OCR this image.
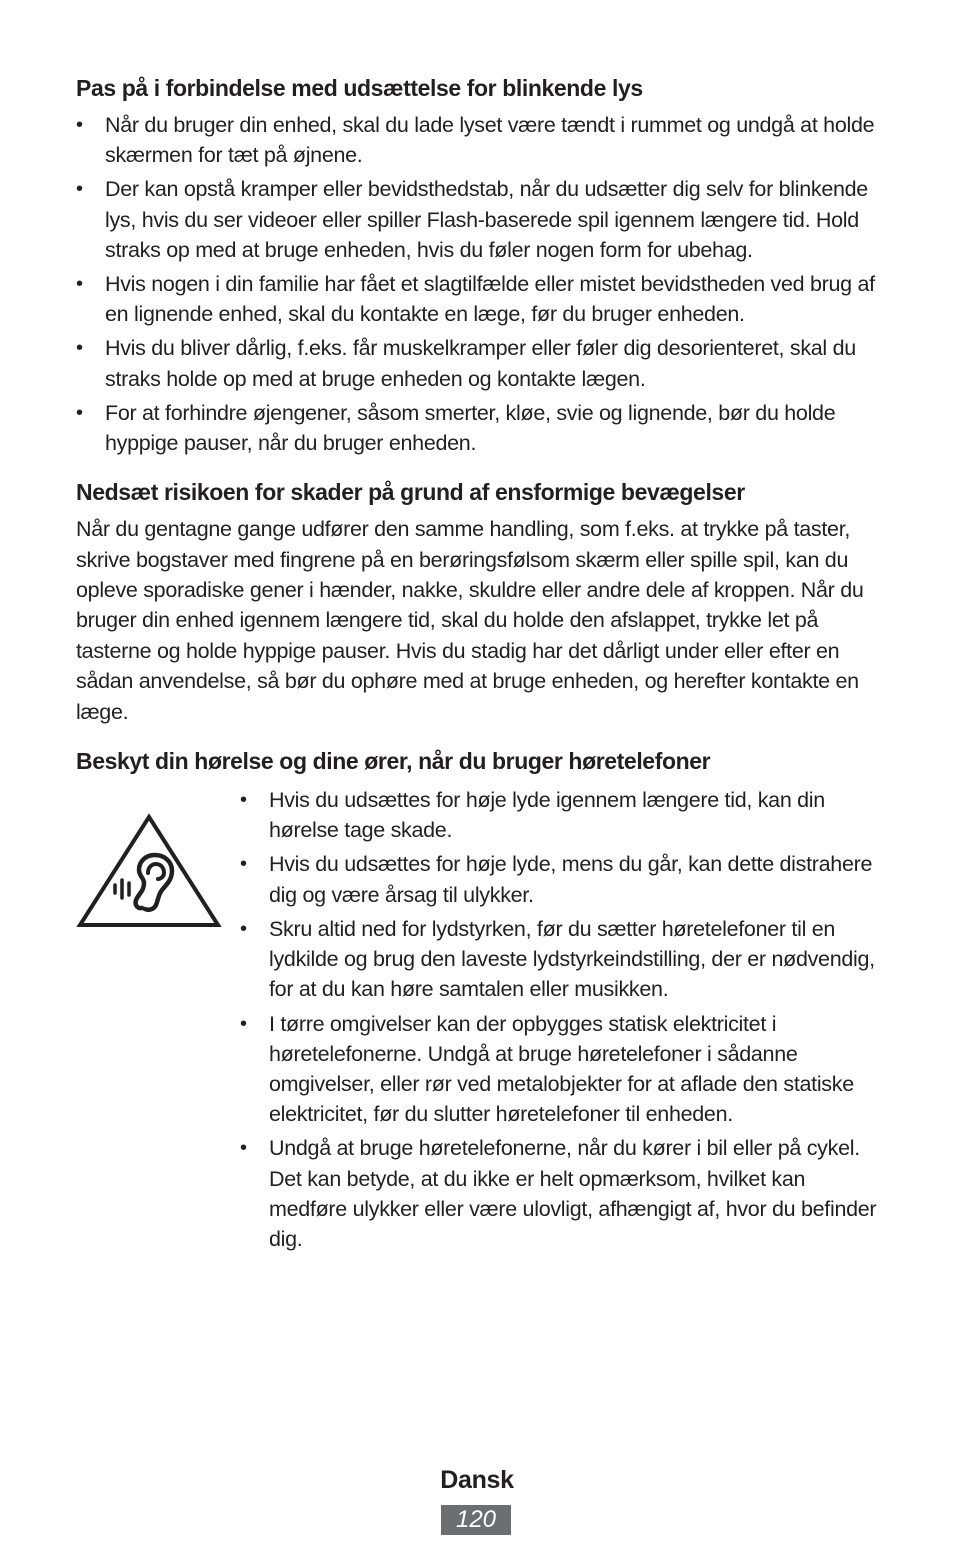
Pas på i forbindelse med udsættelse for blinkende lys
• Når du bruger din enhed, skal du lade lyset være tændt i rummet og undgå at holde skærmen for tæt på øjnene.
• Der kan opstå kramper eller bevidsthedstab, når du udsætter dig selv for blinkende lys, hvis du ser videoer eller spiller Flash-baserede spil igennem længere tid. Hold straks op med at bruge enheden, hvis du føler nogen form for ubehag.
• Hvis nogen i din familie har fået et slagtilfælde eller mistet bevidstheden ved brug af en lignende enhed, skal du kontakte en læge, før du bruger enheden.
• Hvis du bliver dårlig, f.eks. får muskelkramper eller føler dig desorienteret, skal du straks holde op med at bruge enheden og kontakte lægen.
• For at forhindre øjengener, såsom smerter, kløe, svie og lignende, bør du holde hyppige pauser, når du bruger enheden.
Nedsæt risikoen for skader på grund af ensformige bevægelser

Når du gentagne gange udfører den samme handling, som f.eks. at trykke på taster, skrive bogstaver med fingrene på en berøringsfølsom skærm eller spille spil, kan du opleve sporadiske gener i hænder, nakke, skuldre eller andre dele af kroppen. Når du bruger din enhed igennem længere tid, skal du holde den afslappet, trykke let på tasterne og holde hyppige pauser. Hvis du stadig har det dårligt under eller efter en sådan anvendelse, så bør du ophøre med at bruge enheden, og herefter kontakte en læge.

Beskyt din hørelse og dine ører, når du bruger høretelefoner
• Hvis du udsættes for høje lyde igennem længere tid, kan din hørelse tage skade.
• Hvis du udsættes for høje lyde, mens du går, kan dette distrahere dig og være årsag til ulykker.
• Skru altid ned for lydstyrken, før du sætter høretelefoner til en lydkilde og brug den laveste lydstyrkeindstilling, der er nødvendig, for at du kan høre samtalen eller musikken.
• I tørre omgivelser kan der opbygges statisk elektricitet i høretelefonerne. Undgå at bruge høretelefoner i sådanne omgivelser, eller rør ved metalobjekter for at aflade den statiske elektricitet, før du slutter høretelefoner til enheden.
• Undgå at bruge høretelefonerne, når du kører i bil eller på cykel. Det kan betyde, at du ikke er helt opmærksom, hvilket kan medføre ulykker eller være ulovligt, afhængigt af, hvor du befinder dig.
Dansk
120
